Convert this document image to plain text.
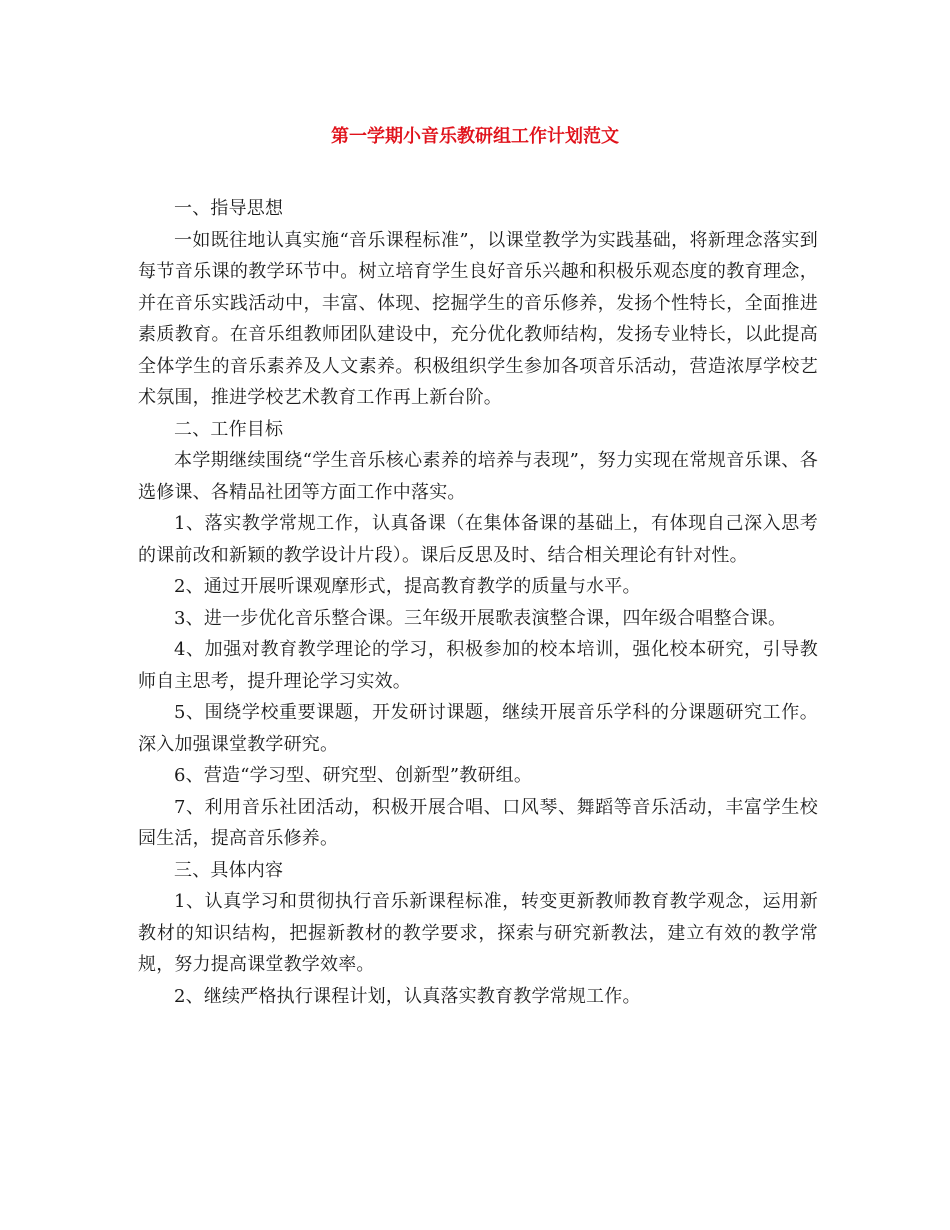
第一学期小音乐教研组工作计划范文

一、指导思想

一如既往地认真实施“音乐课程标准”，以课堂教学为实践基础，将新理念落实到每节音乐课的教学环节中。树立培育学生良好音乐兴趣和积极乐观态度的教育理念，并在音乐实践活动中，丰富、体现、挖掘学生的音乐修养，发扬个性特长，全面推进素质教育。在音乐组教师团队建设中，充分优化教师结构，发扬专业特长，以此提高全体学生的音乐素养及人文素养。积极组织学生参加各项音乐活动，营造浓厚学校艺术氛围，推进学校艺术教育工作再上新台阶。

二、工作目标

本学期继续围绕“学生音乐核心素养的培养与表现”，努力实现在常规音乐课、各选修课、各精品社团等方面工作中落实。

1、落实教学常规工作，认真备课（在集体备课的基础上，有体现自己深入思考的课前改和新颖的教学设计片段）。课后反思及时、结合相关理论有针对性。

2、通过开展听课观摩形式，提高教育教学的质量与水平。

3、进一步优化音乐整合课。三年级开展歌表演整合课，四年级合唱整合课。

4、加强对教育教学理论的学习，积极参加的校本培训，强化校本研究，引导教师自主思考，提升理论学习实效。

5、围绕学校重要课题，开发研讨课题，继续开展音乐学科的分课题研究工作。深入加强课堂教学研究。

6、营造“学习型、研究型、创新型”教研组。

7、利用音乐社团活动，积极开展合唱、口风琴、舞蹈等音乐活动，丰富学生校园生活，提高音乐修养。

三、具体内容

1、认真学习和贯彻执行音乐新课程标准，转变更新教师教育教学观念，运用新教材的知识结构，把握新教材的教学要求，探索与研究新教法，建立有效的教学常规，努力提高课堂教学效率。

2、继续严格执行课程计划，认真落实教育教学常规工作。
